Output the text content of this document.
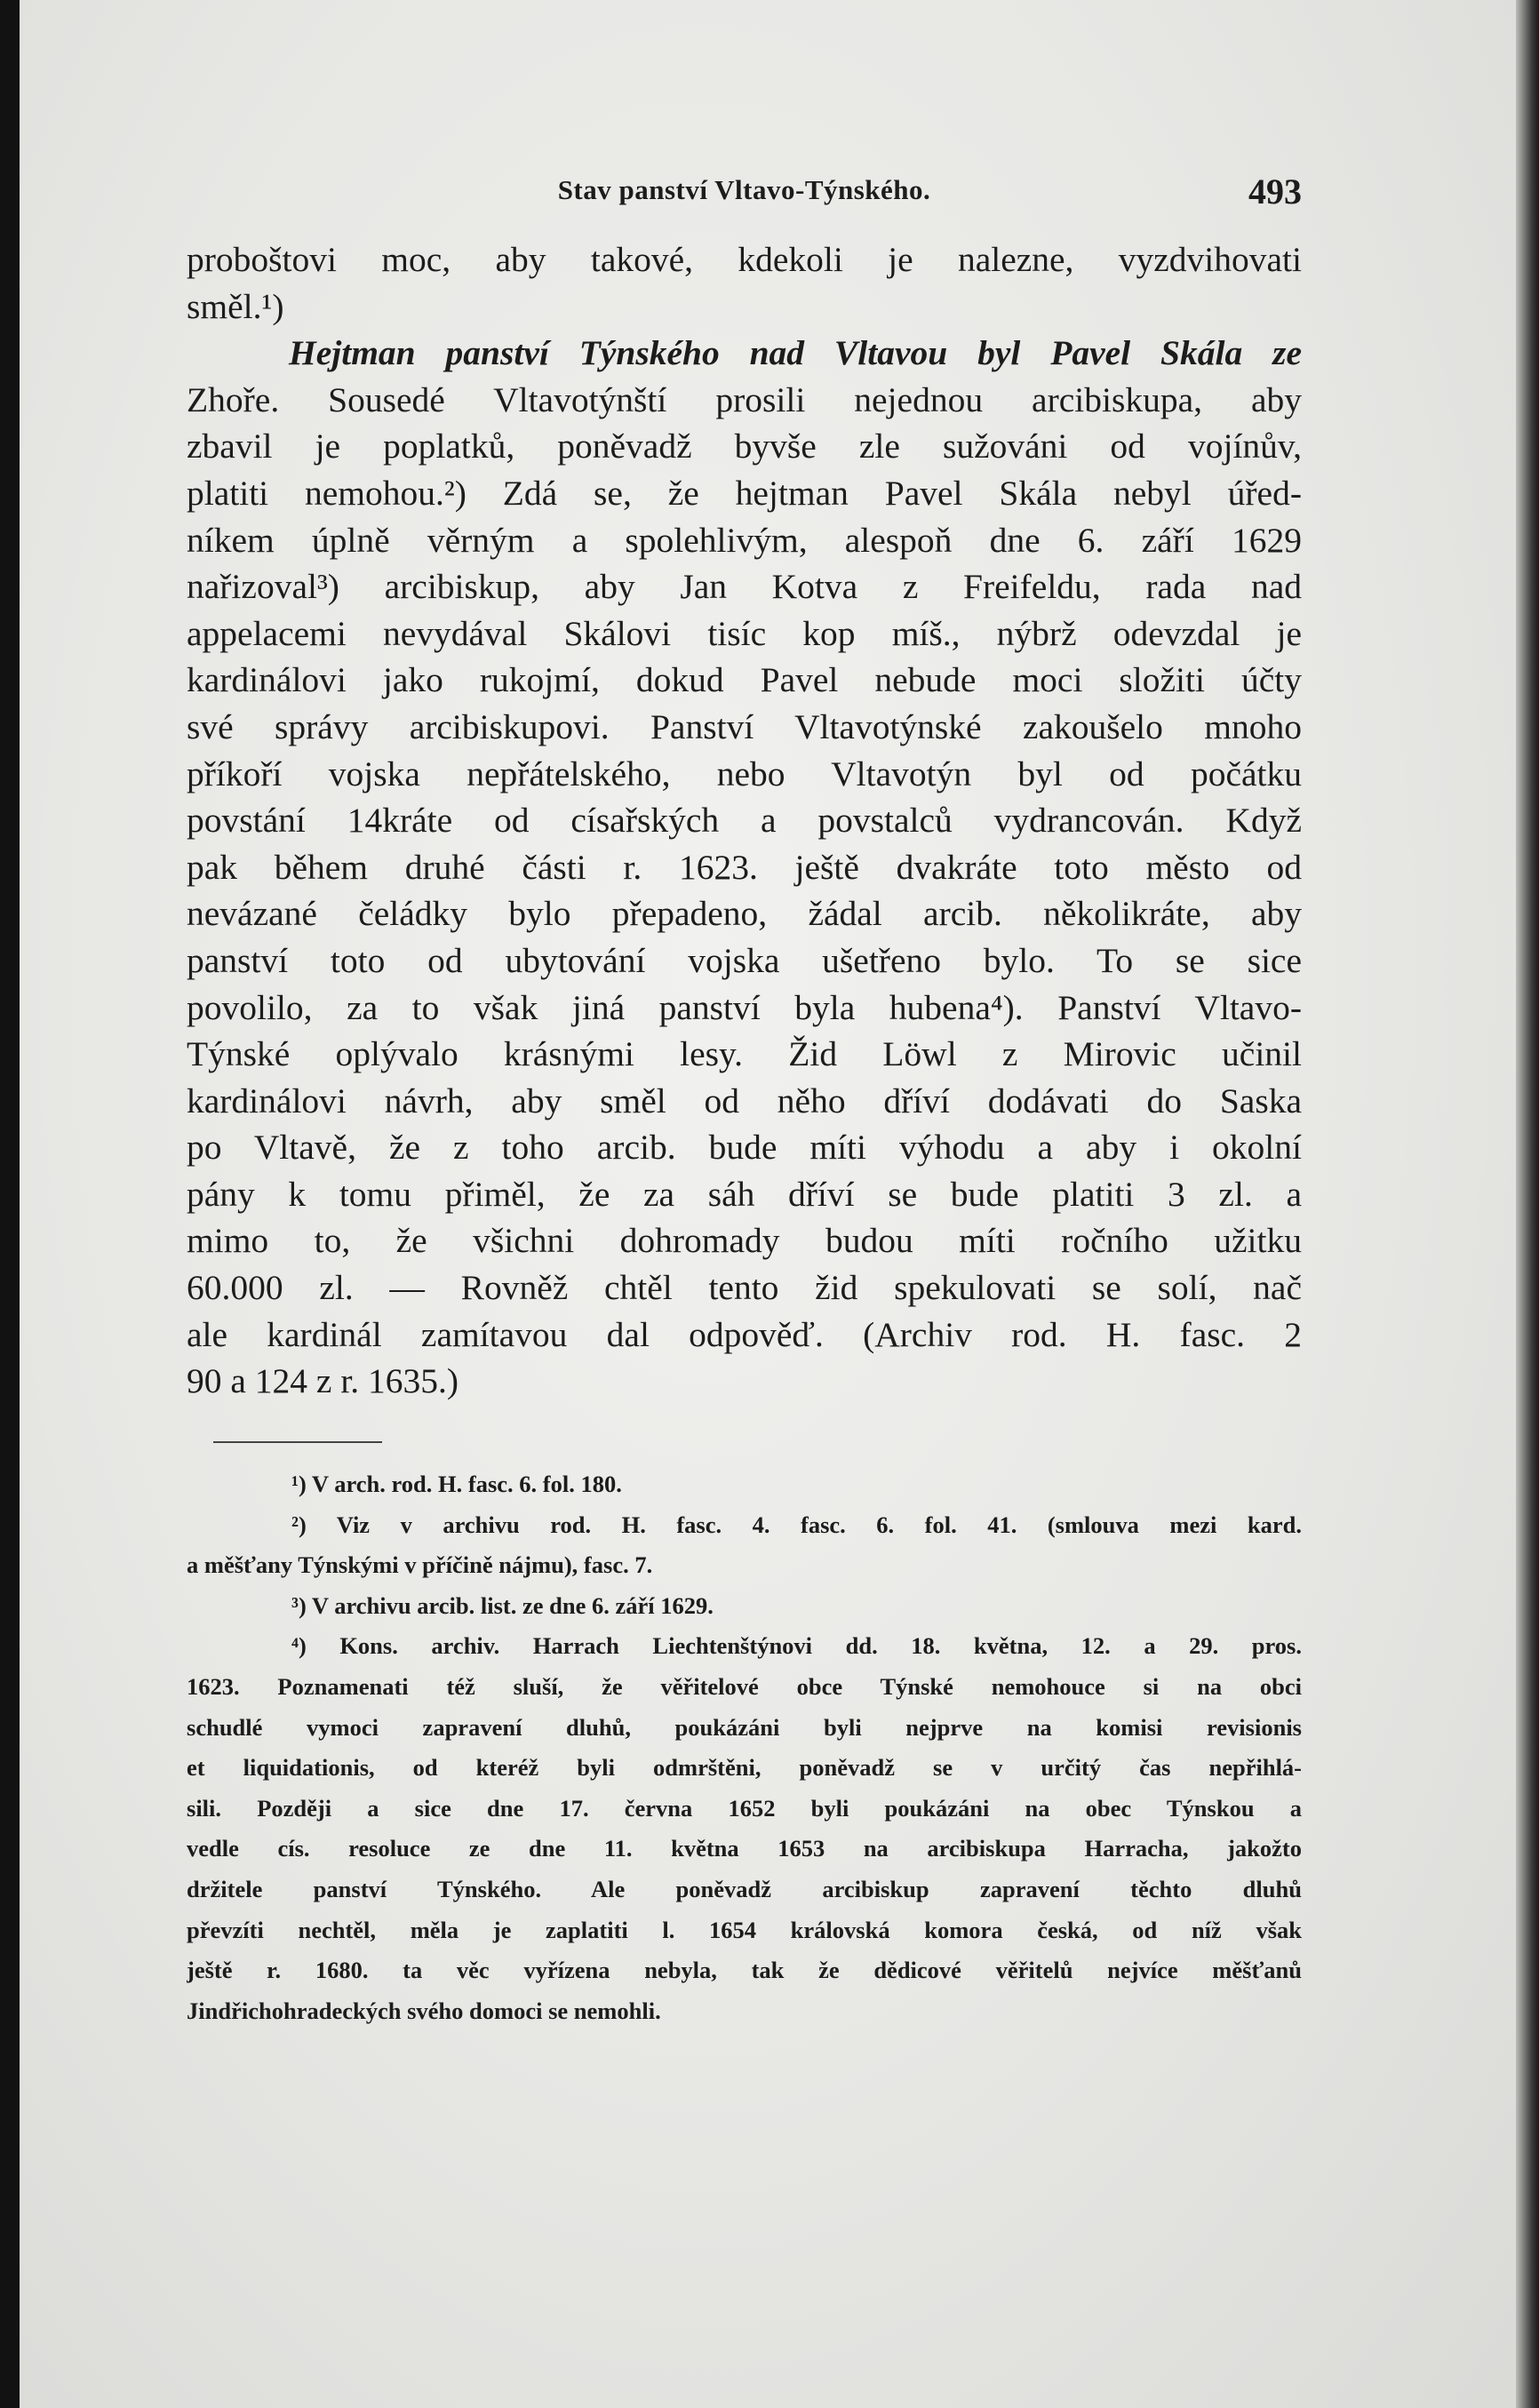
Stav panství Vltavo-Týnského.	493
proboštovi moc, aby takové, kdekoli je nalezne, vyzdvihovati
směl.¹)
Hejtman panství Týnského nad Vltavou byl Pavel Skála ze
Zhoře. Sousedé Vltavotýnští prosili nejednou arcibiskupa, aby
zbavil je poplatků, poněvadž byvše zle sužováni od vojínův,
platiti nemohou.²) Zdá se, že hejtman Pavel Skála nebyl úřed-
níkem úplně věrným a spolehlivým, alespoň dne 6. září 1629
nařizoval³) arcibiskup, aby Jan Kotva z Freifeldu, rada nad
appelacemi nevydával Skálovi tisíc kop míš., nýbrž odevzdal je
kardinálovi jako rukojmí, dokud Pavel nebude moci složiti účty
své správy arcibiskupovi. Panství Vltavotýnské zakoušelo mnoho
příkoří vojska nepřátelského, nebo Vltavotýn byl od počátku
povstání 14kráte od císařských a povstalců vydrancován. Když
pak během druhé části r. 1623. ještě dvakráte toto město od
nevázané čeládky bylo přepadeno, žádal arcib. několikráte, aby
panství toto od ubytování vojska ušetřeno bylo. To se sice
povolilo, za to však jiná panství byla hubena⁴). Panství Vltavo-
Týnské oplývalo krásnými lesy. Žid Löwl z Mirovic učinil
kardinálovi návrh, aby směl od něho dříví dodávati do Saska
po Vltavě, že z toho arcib. bude míti výhodu a aby i okolní
pány k tomu přiměl, že za sáh dříví se bude platiti 3 zl. a
mimo to, že všichni dohromady budou míti ročního užitku
60.000 zl. — Rovněž chtěl tento žid spekulovati se solí, nač
ale kardinál zamítavou dal odpověď. (Archiv rod. H. fasc. 2
90 a 124 z r. 1635.)
¹) V arch. rod. H. fasc. 6. fol. 180.
²) Viz v archivu rod. H. fasc. 4. fasc. 6. fol. 41. (smlouva mezi kard.
a měšťany Týnskými v příčině nájmu), fasc. 7.
³) V archivu arcib. list. ze dne 6. září 1629.
⁴) Kons. archiv. Harrach Liechtenštýnovi dd. 18. května, 12. a 29. pros.
1623. Poznamenati též sluší, že věřitelové obce Týnské nemohouce si na obci
schudlé vymoci zapravení dluhů, poukázáni byli nejprve na komisi revisionis
et liquidationis, od kteréž byli odmrštěni, poněvadž se v určitý čas nepřihlá-
sili. Později a sice dne 17. června 1652 byli poukázáni na obec Týnskou a
vedle cís. resoluce ze dne 11. května 1653 na arcibiskupa Harracha, jakožto
držitele panství Týnského. Ale poněvadž arcibiskup zapravení těchto dluhů
převzíti nechtěl, měla je zaplatiti l. 1654 královská komora česká, od níž však
ještě r. 1680. ta věc vyřízena nebyla, tak že dědicové věřitelů nejvíce měšťanů
Jindřichohradeckých svého domoci se nemohli.
